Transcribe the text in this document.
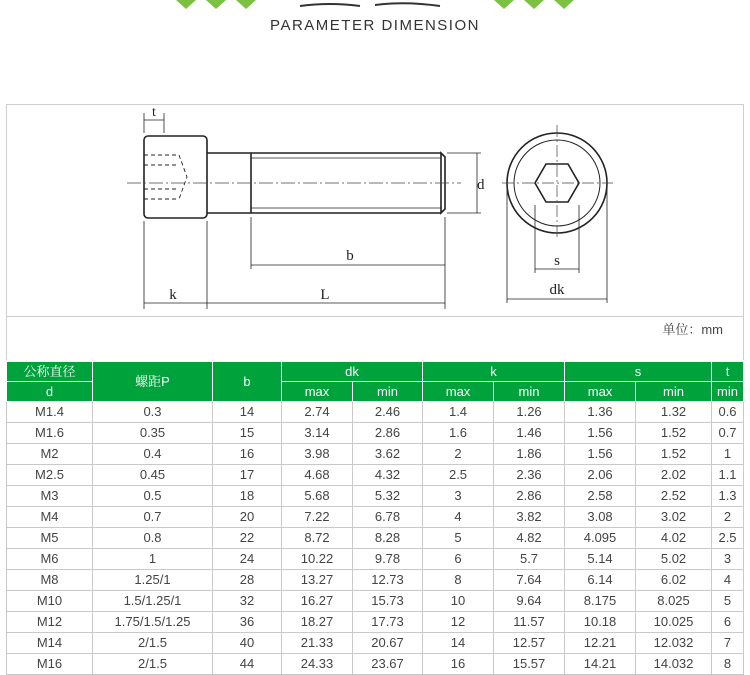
PARAMETER DIMENSION
t
d
b
k	L
s
dk
单位：mm
公称直径	螺距P	b	dk		k		s		t
d			max	min	max	min	max	min	min
M1.4	0.3	14	2.74	2.46	1.4	1.26	1.36	1.32	0.6
M1.6	0.35	15	3.14	2.86	1.6	1.46	1.56	1.52	0.7
M2	0.4	16	3.98	3.62	2	1.86	1.56	1.52	1
M2.5	0.45	17	4.68	4.32	2.5	2.36	2.06	2.02	1.1
M3	0.5	18	5.68	5.32	3	2.86	2.58	2.52	1.3
M4	0.7	20	7.22	6.78	4	3.82	3.08	3.02	2
M5	0.8	22	8.72	8.28	5	4.82	4.095	4.02	2.5
M6	1	24	10.22	9.78	6	5.7	5.14	5.02	3
M8	1.25/1	28	13.27	12.73	8	7.64	6.14	6.02	4
M10	1.5/1.25/1	32	16.27	15.73	10	9.64	8.175	8.025	5
M12	1.75/1.5/1.25	36	18.27	17.73	12	11.57	10.18	10.025	6
M14	2/1.5	40	21.33	20.67	14	12.57	12.21	12.032	7
M16	2/1.5	44	24.33	23.67	16	15.57	14.21	14.032	8
